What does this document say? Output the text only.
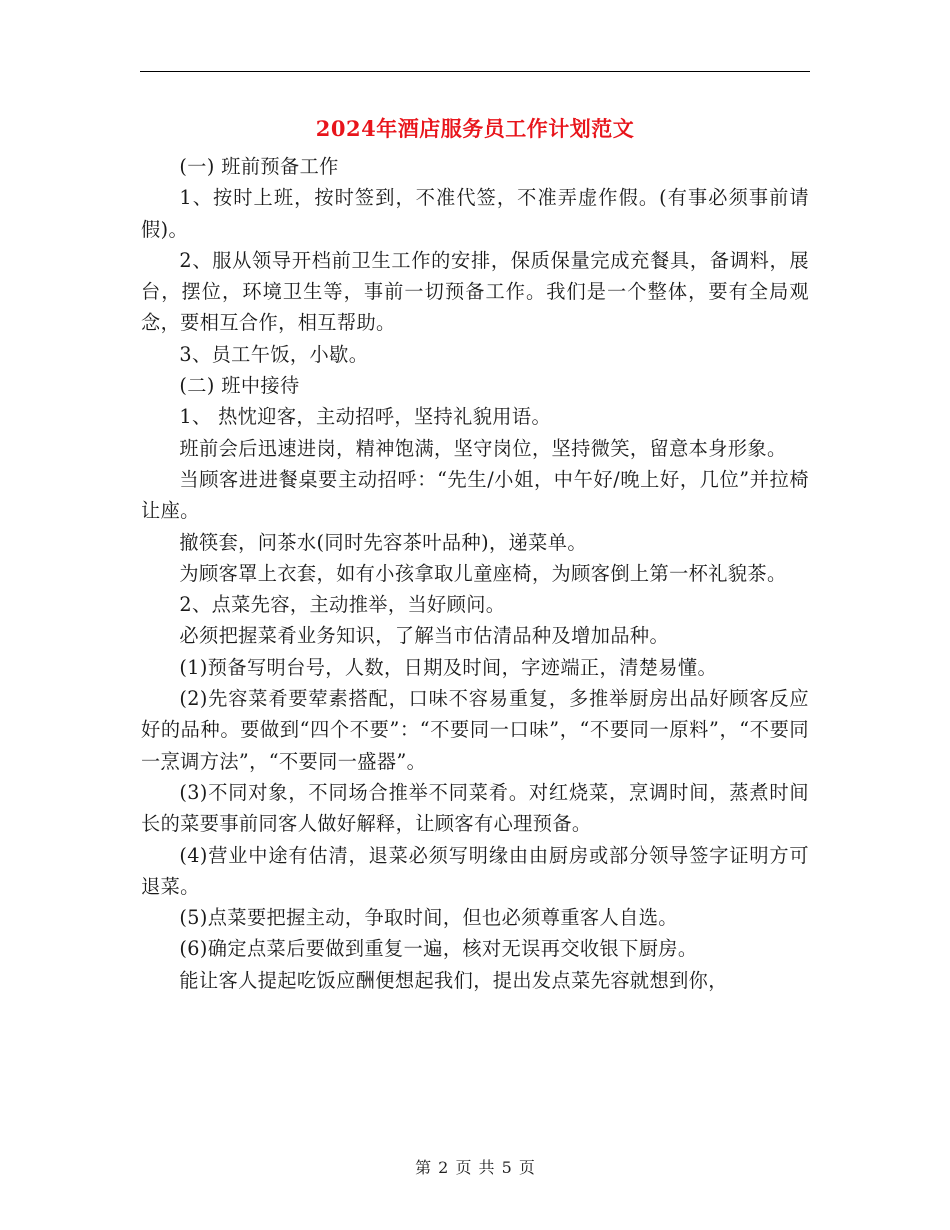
2024年酒店服务员工作计划范文

(一) 班前预备工作

1、按时上班，按时签到，不准代签，不准弄虚作假。(有事必须事前请假)。

2、服从领导开档前卫生工作的安排，保质保量完成充餐具，备调料，展台，摆位，环境卫生等，事前一切预备工作。我们是一个整体，要有全局观念，要相互合作，相互帮助。

3、员工午饭，小歇。

(二) 班中接待

1、 热忱迎客，主动招呼，坚持礼貌用语。

班前会后迅速进岗，精神饱满，坚守岗位，坚持微笑，留意本身形象。

当顾客进进餐桌要主动招呼：“先生/小姐，中午好/晚上好，几位”并拉椅让座。

撤筷套，问茶水(同时先容茶叶品种)，递菜单。

为顾客罩上衣套，如有小孩拿取儿童座椅，为顾客倒上第一杯礼貌茶。

2、点菜先容，主动推举，当好顾问。

必须把握菜肴业务知识，了解当市估清品种及增加品种。

(1)预备写明台号，人数，日期及时间，字迹端正，清楚易懂。

(2)先容菜肴要荤素搭配，口味不容易重复，多推举厨房出品好顾客反应好的品种。要做到“四个不要”：“不要同一口味”，“不要同一原料”，“不要同一烹调方法”，“不要同一盛器”。

(3)不同对象，不同场合推举不同菜肴。对红烧菜，烹调时间，蒸煮时间长的菜要事前同客人做好解释，让顾客有心理预备。

(4)营业中途有估清，退菜必须写明缘由由厨房或部分领导签字证明方可退菜。

(5)点菜要把握主动，争取时间，但也必须尊重客人自选。

(6)确定点菜后要做到重复一遍，核对无误再交收银下厨房。

能让客人提起吃饭应酬便想起我们，提出发点菜先容就想到你，

第 2 页 共 5 页
